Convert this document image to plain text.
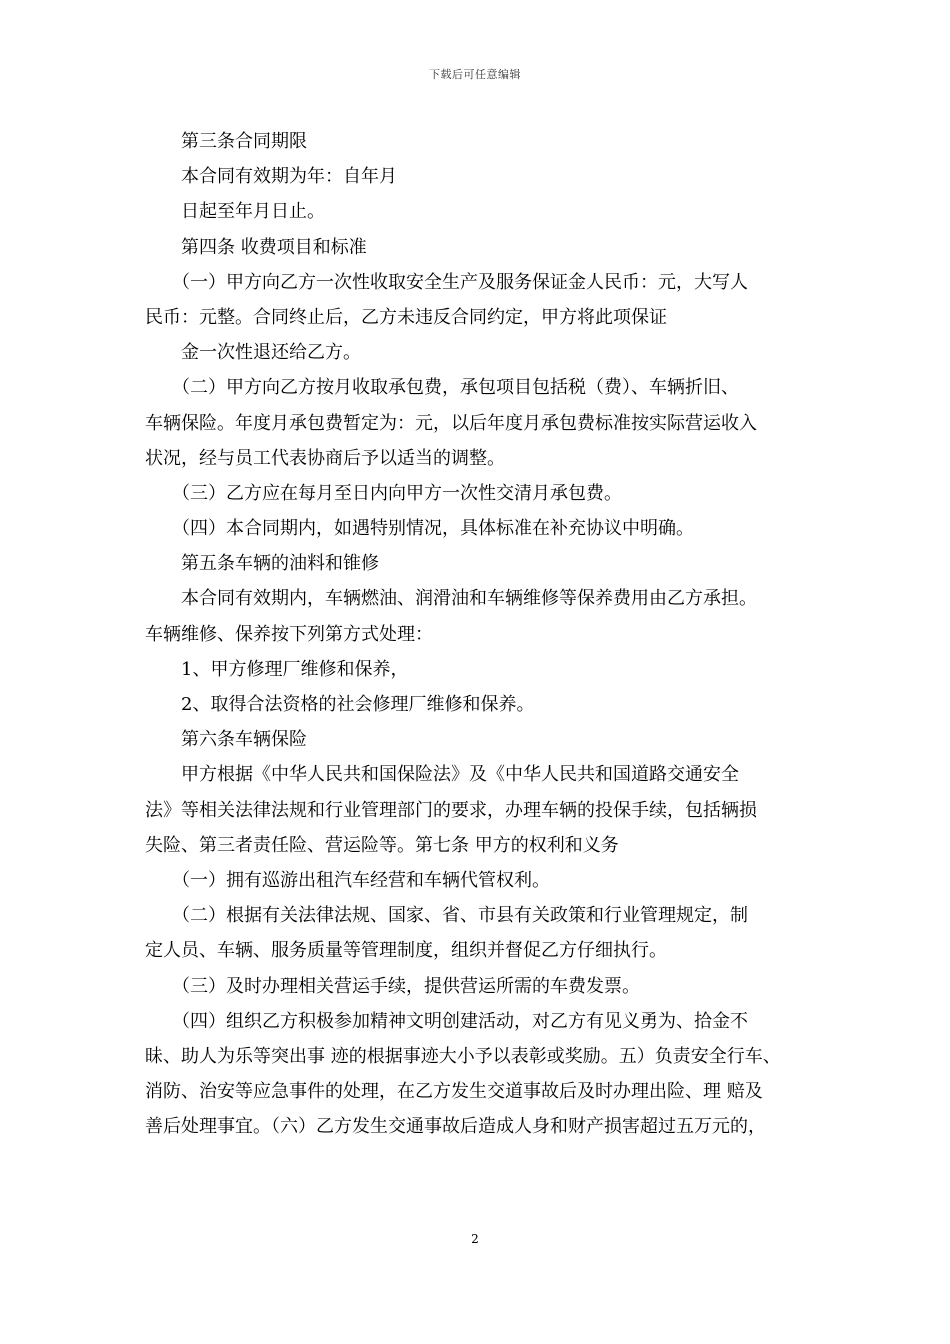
下载后可任意编辑
　　第三条合同期限
　　本合同有效期为年：自年月
　　日起至年月日止。
　　第四条 收费项目和标准
　　（一）甲方向乙方一次性收取安全生产及服务保证金人民币：元，大写人
民币：元整。合同终止后，乙方未违反合同约定，甲方将此项保证
　　金一次性退还给乙方。
　　（二）甲方向乙方按月收取承包费，承包项目包括税（费）、车辆折旧、
车辆保险。年度月承包费暂定为：元，以后年度月承包费标准按实际营运收入
状况，经与员工代表协商后予以适当的调整。
　　（三）乙方应在每月至日内向甲方一次性交清月承包费。
　　（四）本合同期内，如遇特别情况，具体标准在补充协议中明确。
　　第五条车辆的油料和锥修
　　本合同有效期内，车辆燃油、润滑油和车辆维修等保养费用由乙方承担。
车辆维修、保养按下列第方式处理：
　　1、甲方修理厂维修和保养，
　　2、取得合法资格的社会修理厂维修和保养。
　　第六条车辆保险
　　甲方根据《中华人民共和国保险法》及《中华人民共和国道路交通安全
法》等相关法律法规和行业管理部门的要求，办理车辆的投保手续，包括辆损
失险、第三者责任险、营运险等。第七条 甲方的权利和义务
　　（一）拥有巡游出租汽车经营和车辆代管权利。
　　（二）根据有关法律法规、国家、省、市县有关政策和行业管理规定，制
定人员、车辆、服务质量等管理制度，组织并督促乙方仔细执行。
　　（三）及时办理相关营运手续，提供营运所需的车费发票。
　　（四）组织乙方积极参加精神文明创建活动，对乙方有见义勇为、拾金不
昧、助人为乐等突出事 迹的根据事迹大小予以表彰或奖励。五）负责安全行车、
消防、治安等应急事件的处理，在乙方发生交道事故后及时办理出险、理 赔及
善后处理事宜。（六）乙方发生交通事故后造成人身和财产损害超过五万元的，
2
